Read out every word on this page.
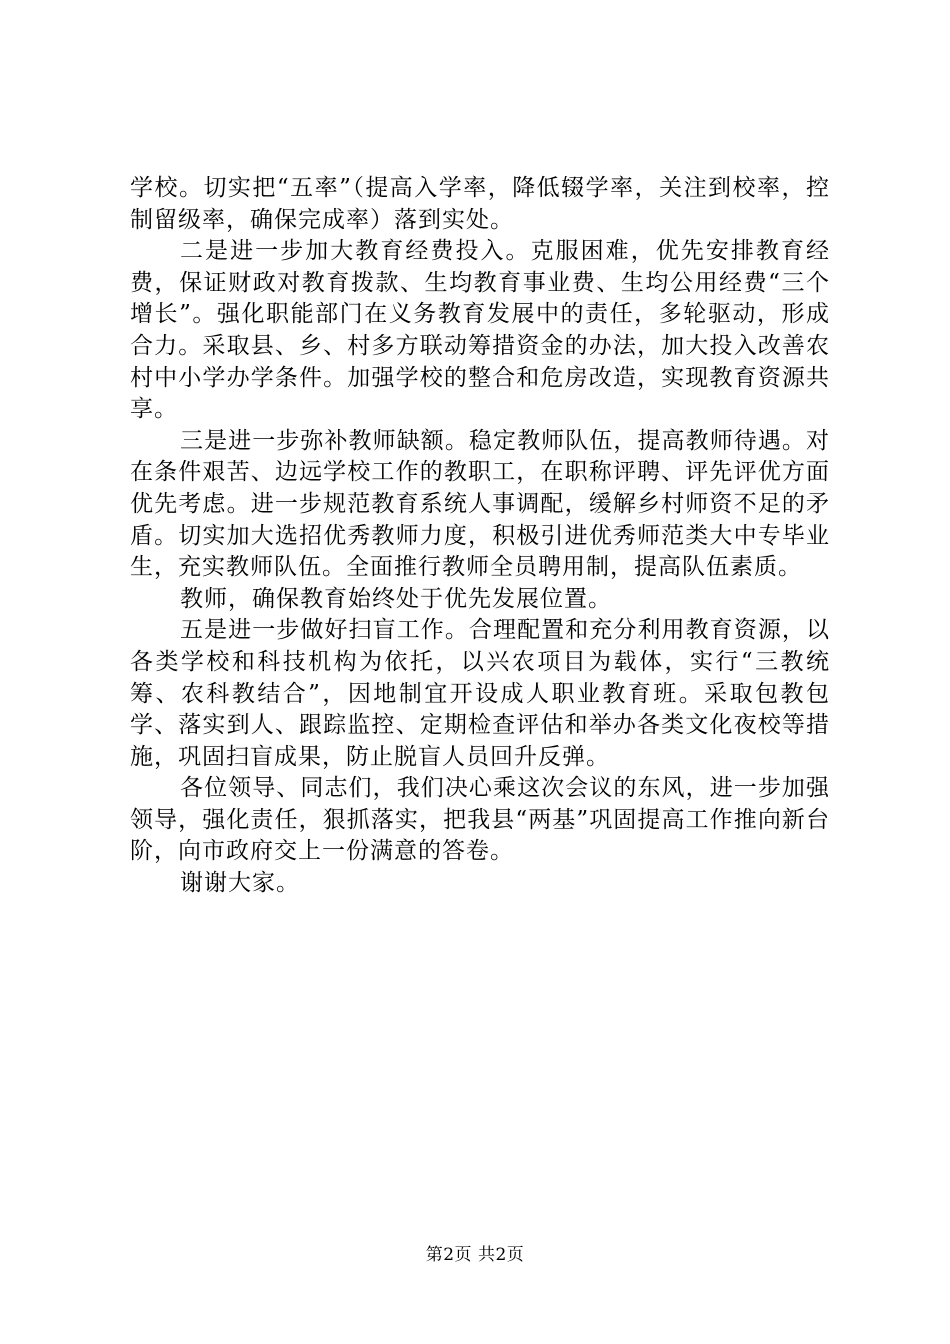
学校。切实把“五率”（提高入学率，降低辍学率，关注到校率，控制留级率，确保完成率）落到实处。

二是进一步加大教育经费投入。克服困难，优先安排教育经费，保证财政对教育拨款、生均教育事业费、生均公用经费“三个增长”。强化职能部门在义务教育发展中的责任，多轮驱动，形成合力。采取县、乡、村多方联动筹措资金的办法，加大投入改善农村中小学办学条件。加强学校的整合和危房改造，实现教育资源共享。

三是进一步弥补教师缺额。稳定教师队伍，提高教师待遇。对在条件艰苦、边远学校工作的教职工，在职称评聘、评先评优方面优先考虑。进一步规范教育系统人事调配，缓解乡村师资不足的矛盾。切实加大选招优秀教师力度，积极引进优秀师范类大中专毕业生，充实教师队伍。全面推行教师全员聘用制，提高队伍素质。

教师，确保教育始终处于优先发展位置。

五是进一步做好扫盲工作。合理配置和充分利用教育资源，以各类学校和科技机构为依托，以兴农项目为载体，实行“三教统筹、农科教结合”，因地制宜开设成人职业教育班。采取包教包学、落实到人、跟踪监控、定期检查评估和举办各类文化夜校等措施，巩固扫盲成果，防止脱盲人员回升反弹。

各位领导、同志们，我们决心乘这次会议的东风，进一步加强领导，强化责任，狠抓落实，把我县“两基”巩固提高工作推向新台阶，向市政府交上一份满意的答卷。

谢谢大家。

第2页 共2页
